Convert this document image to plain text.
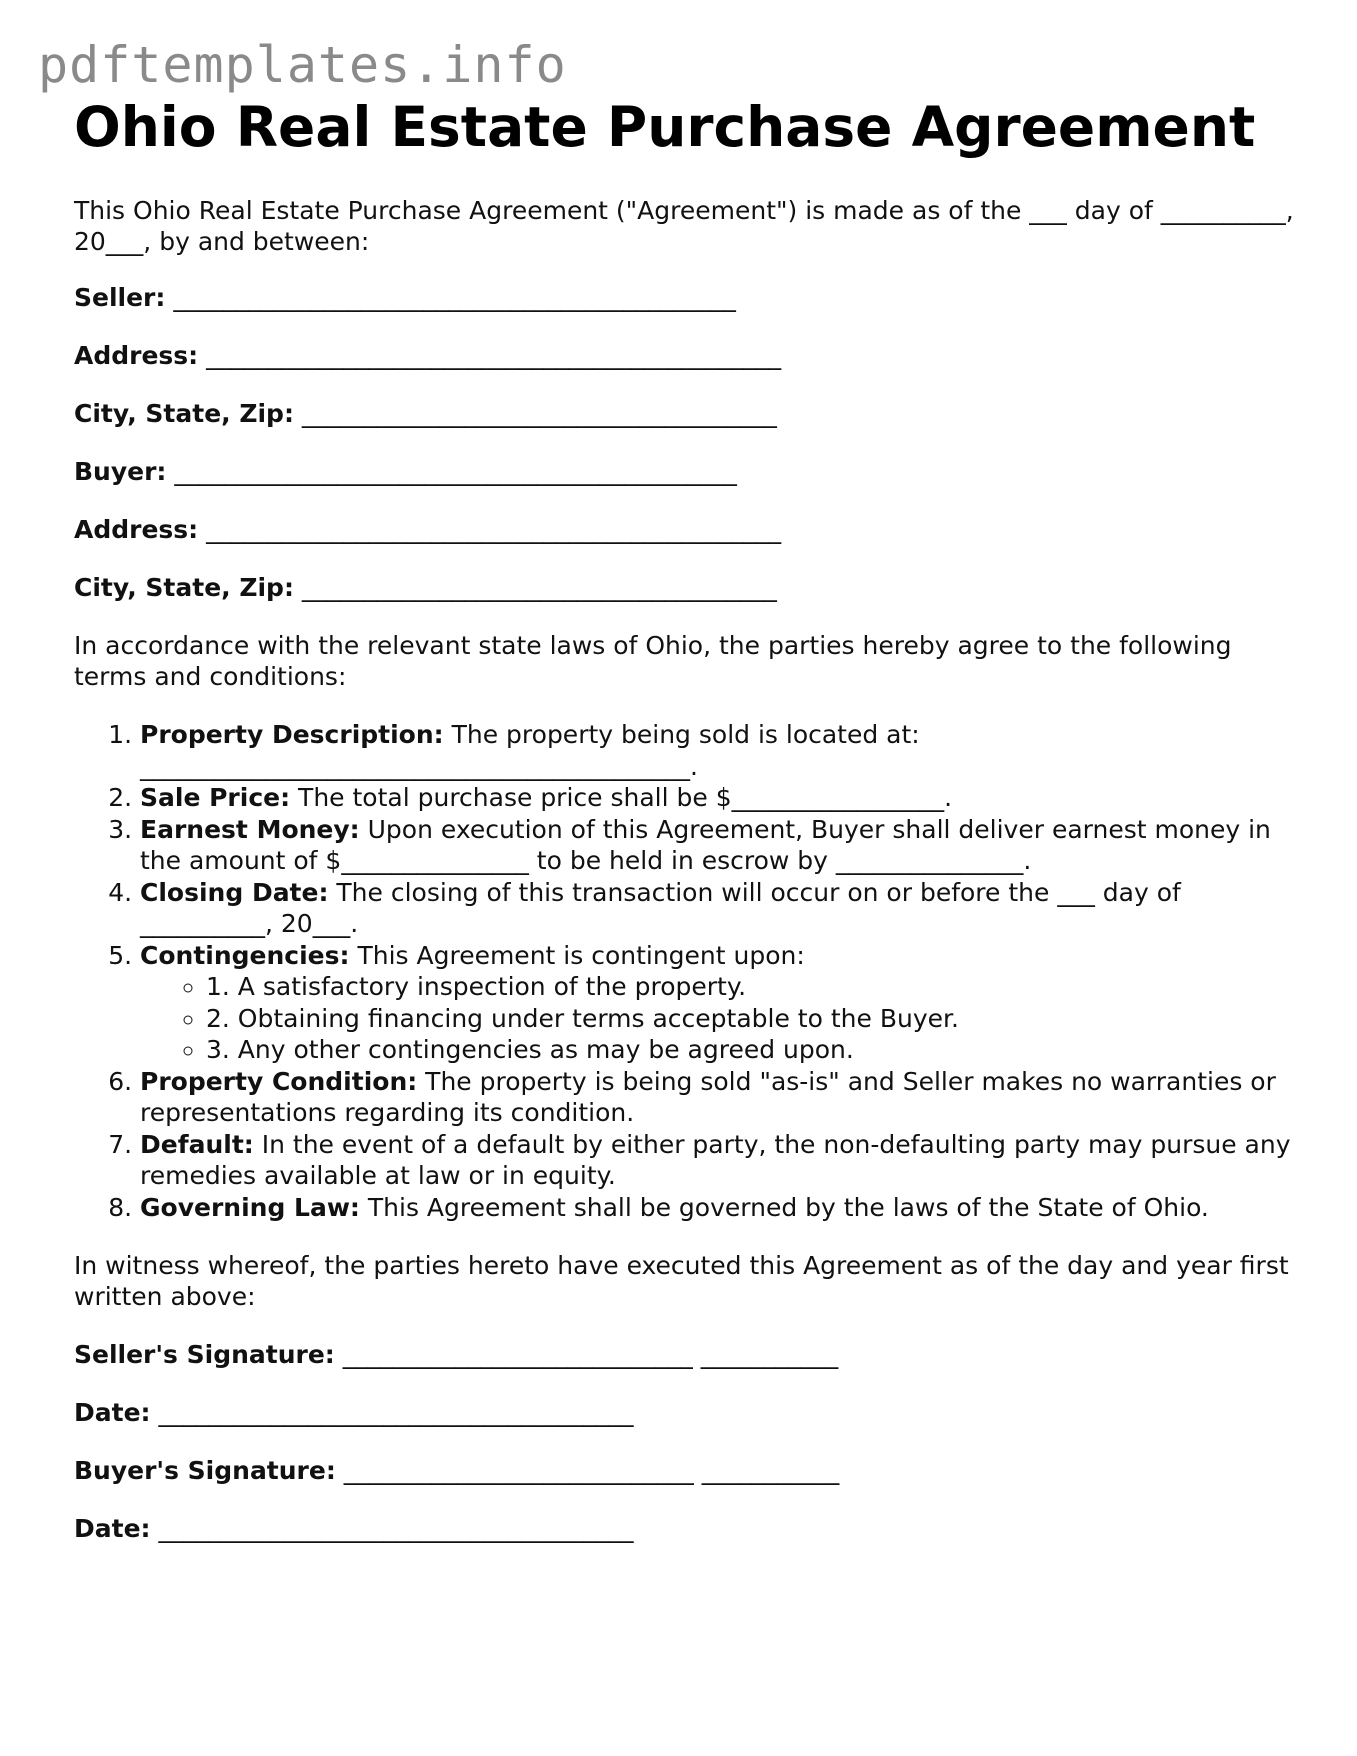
pdftemplates.info
Ohio Real Estate Purchase Agreement

This Ohio Real Estate Purchase Agreement ("Agreement") is made as of the ___ day of __________, 20___, by and between:

Seller: _____________________________________________
Address: ______________________________________________
City, State, Zip: ______________________________________
Buyer: _____________________________________________
Address: ______________________________________________
City, State, Zip: ______________________________________

In accordance with the relevant state laws of Ohio, the parties hereby agree to the following terms and conditions:

1. Property Description: The property being sold is located at: ____________________________________________.
2. Sale Price: The total purchase price shall be $_________________.
3. Earnest Money: Upon execution of this Agreement, Buyer shall deliver earnest money in the amount of $_______________ to be held in escrow by _______________.
4. Closing Date: The closing of this transaction will occur on or before the ___ day of __________, 20___.
5. Contingencies: This Agreement is contingent upon:
◦ 1. A satisfactory inspection of the property.
◦ 2. Obtaining financing under terms acceptable to the Buyer.
◦ 3. Any other contingencies as may be agreed upon.
6. Property Condition: The property is being sold "as-is" and Seller makes no warranties or representations regarding its condition.
7. Default: In the event of a default by either party, the non-defaulting party may pursue any remedies available at law or in equity.
8. Governing Law: This Agreement shall be governed by the laws of the State of Ohio.

In witness whereof, the parties hereto have executed this Agreement as of the day and year first written above:

Seller's Signature: ____________________________ ___________
Date: ______________________________________
Buyer's Signature: ____________________________ ___________
Date: ______________________________________
